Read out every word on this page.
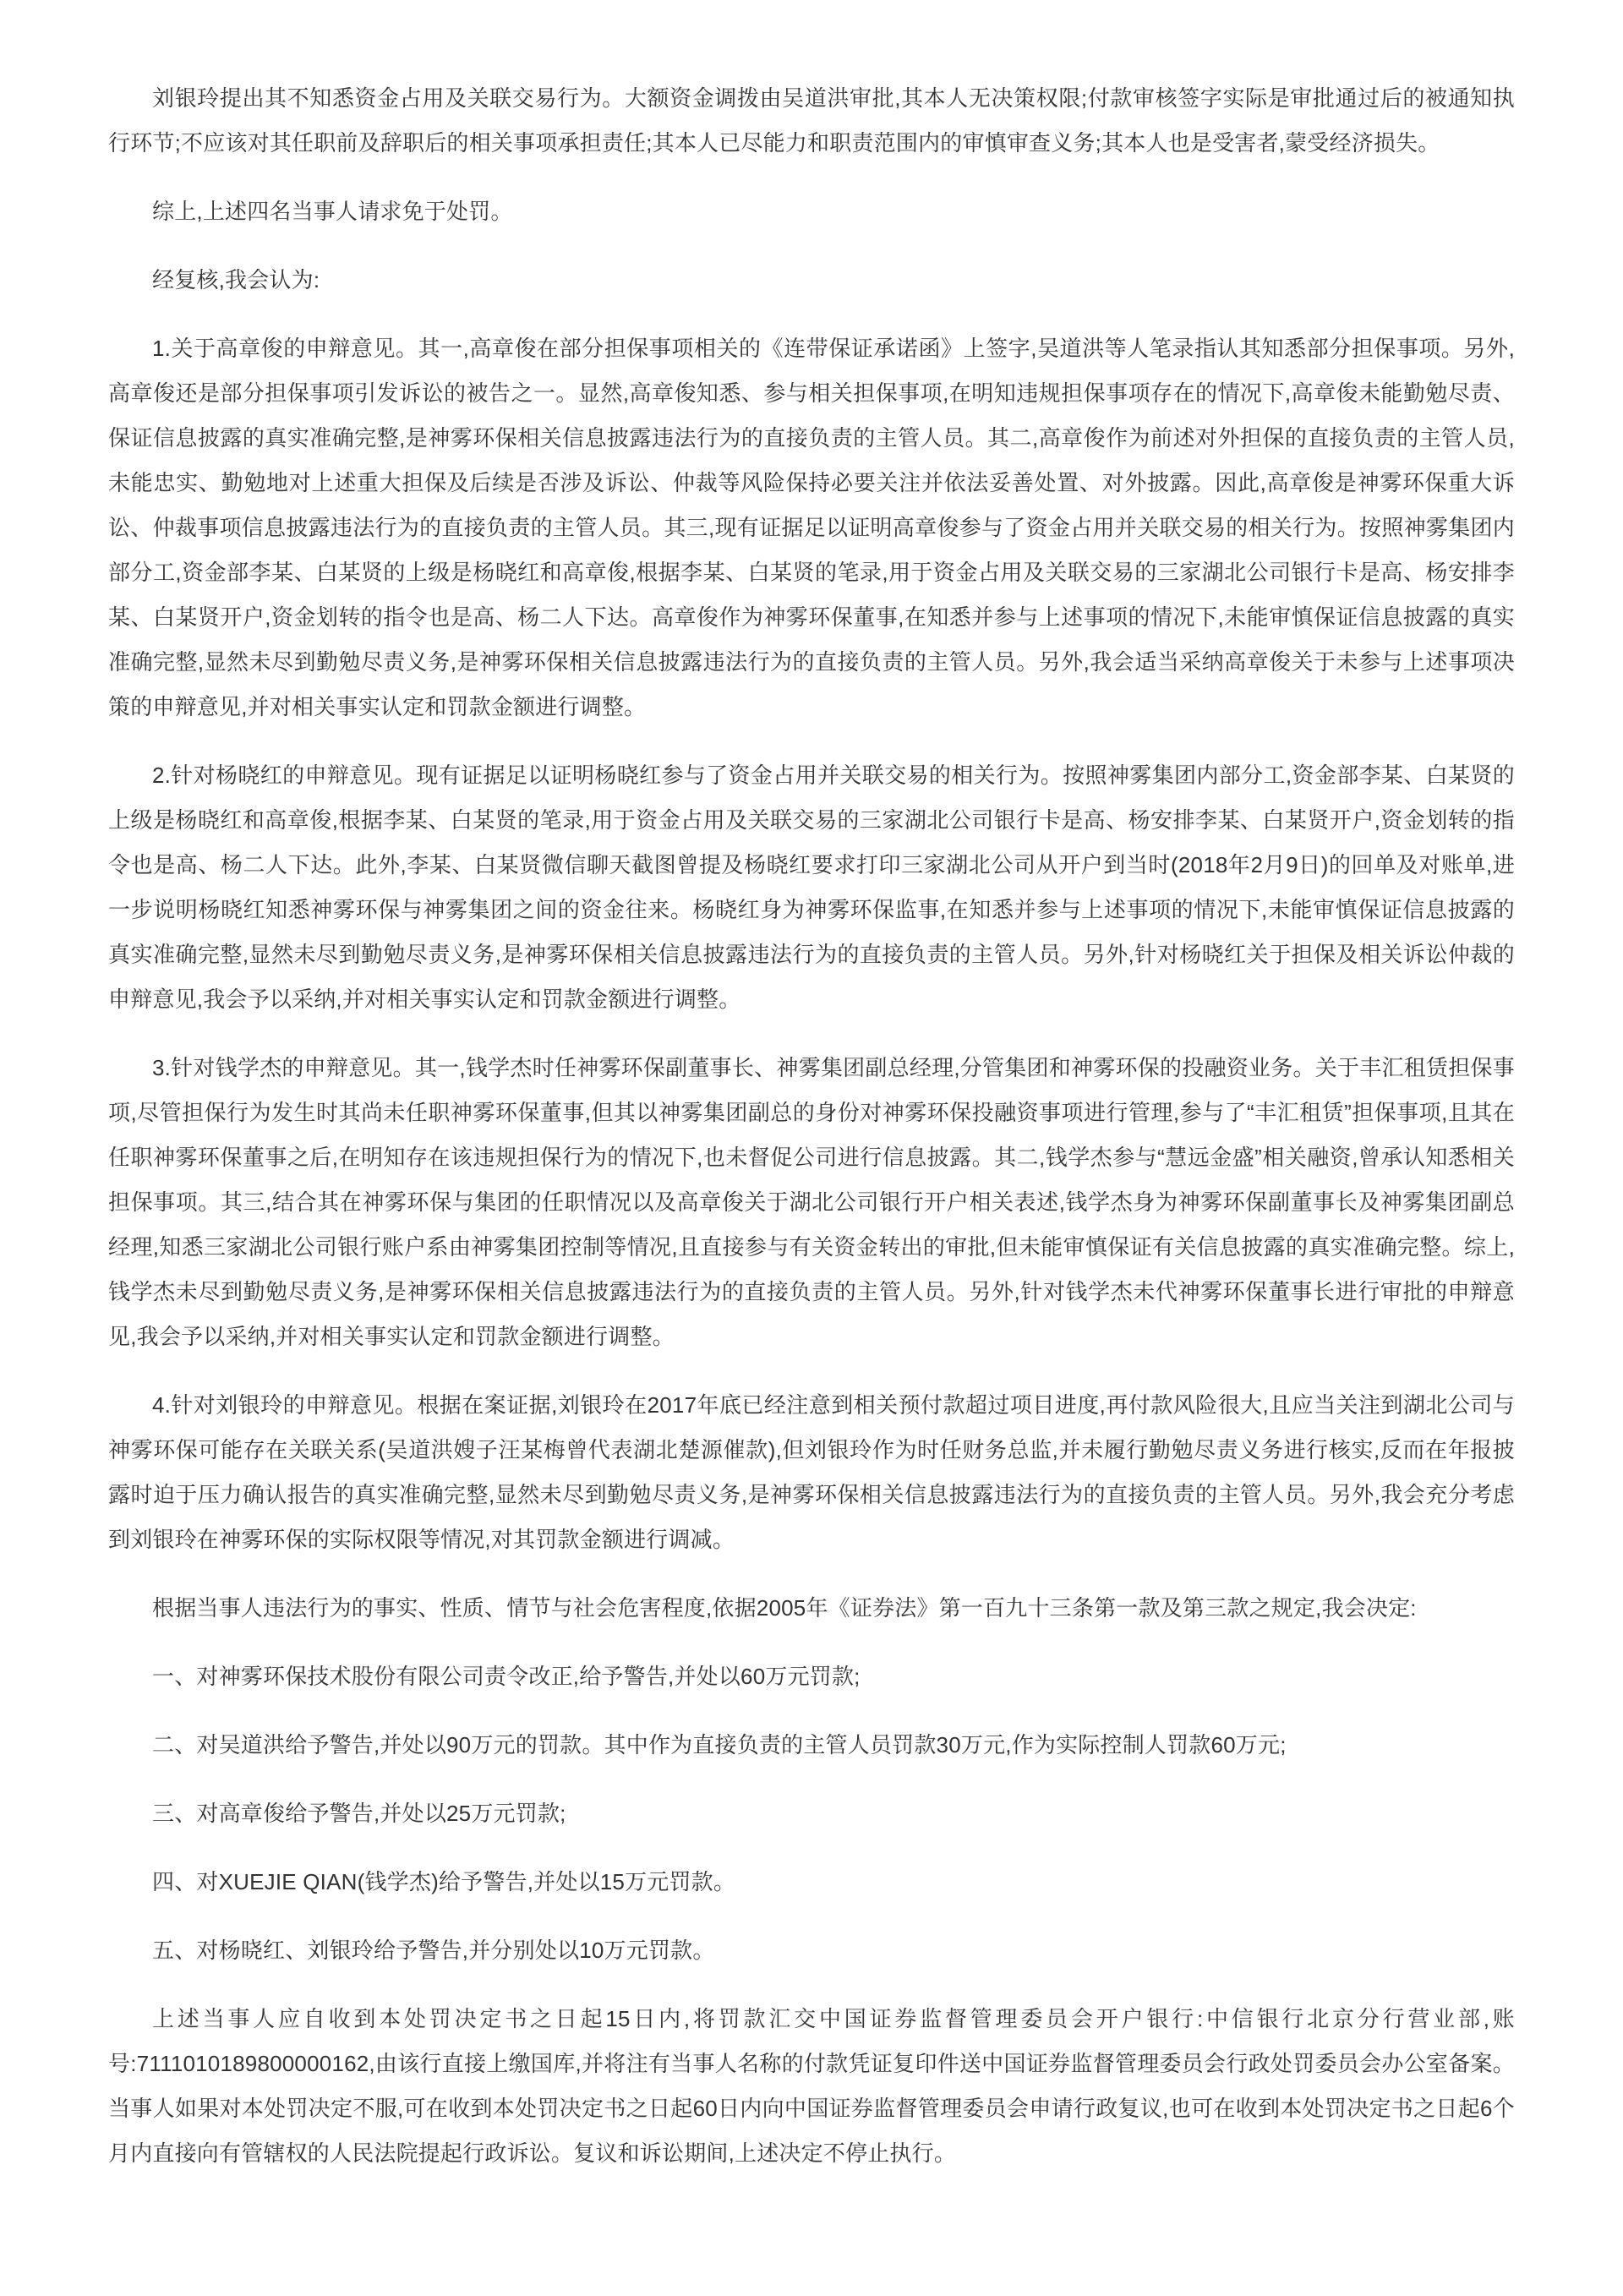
刘银玲提出其不知悉资金占用及关联交易行为。大额资金调拨由吴道洪审批,其本人无决策权限;付款审核签字实际是审批通过后的被通知执行环节;不应该对其任职前及辞职后的相关事项承担责任;其本人已尽能力和职责范围内的审慎审查义务;其本人也是受害者,蒙受经济损失。

综上,上述四名当事人请求免于处罚。

经复核,我会认为:

1.关于高章俊的申辩意见。其一,高章俊在部分担保事项相关的《连带保证承诺函》上签字,吴道洪等人笔录指认其知悉部分担保事项。另外,高章俊还是部分担保事项引发诉讼的被告之一。显然,高章俊知悉、参与相关担保事项,在明知违规担保事项存在的情况下,高章俊未能勤勉尽责、保证信息披露的真实准确完整,是神雾环保相关信息披露违法行为的直接负责的主管人员。其二,高章俊作为前述对外担保的直接负责的主管人员,未能忠实、勤勉地对上述重大担保及后续是否涉及诉讼、仲裁等风险保持必要关注并依法妥善处置、对外披露。因此,高章俊是神雾环保重大诉讼、仲裁事项信息披露违法行为的直接负责的主管人员。其三,现有证据足以证明高章俊参与了资金占用并关联交易的相关行为。按照神雾集团内部分工,资金部李某、白某贤的上级是杨晓红和高章俊,根据李某、白某贤的笔录,用于资金占用及关联交易的三家湖北公司银行卡是高、杨安排李某、白某贤开户,资金划转的指令也是高、杨二人下达。高章俊作为神雾环保董事,在知悉并参与上述事项的情况下,未能审慎保证信息披露的真实准确完整,显然未尽到勤勉尽责义务,是神雾环保相关信息披露违法行为的直接负责的主管人员。另外,我会适当采纳高章俊关于未参与上述事项决策的申辩意见,并对相关事实认定和罚款金额进行调整。

2.针对杨晓红的申辩意见。现有证据足以证明杨晓红参与了资金占用并关联交易的相关行为。按照神雾集团内部分工,资金部李某、白某贤的上级是杨晓红和高章俊,根据李某、白某贤的笔录,用于资金占用及关联交易的三家湖北公司银行卡是高、杨安排李某、白某贤开户,资金划转的指令也是高、杨二人下达。此外,李某、白某贤微信聊天截图曾提及杨晓红要求打印三家湖北公司从开户到当时(2018年2月9日)的回单及对账单,进一步说明杨晓红知悉神雾环保与神雾集团之间的资金往来。杨晓红身为神雾环保监事,在知悉并参与上述事项的情况下,未能审慎保证信息披露的真实准确完整,显然未尽到勤勉尽责义务,是神雾环保相关信息披露违法行为的直接负责的主管人员。另外,针对杨晓红关于担保及相关诉讼仲裁的申辩意见,我会予以采纳,并对相关事实认定和罚款金额进行调整。

3.针对钱学杰的申辩意见。其一,钱学杰时任神雾环保副董事长、神雾集团副总经理,分管集团和神雾环保的投融资业务。关于丰汇租赁担保事项,尽管担保行为发生时其尚未任职神雾环保董事,但其以神雾集团副总的身份对神雾环保投融资事项进行管理,参与了“丰汇租赁”担保事项,且其在任职神雾环保董事之后,在明知存在该违规担保行为的情况下,也未督促公司进行信息披露。其二,钱学杰参与“慧远金盛”相关融资,曾承认知悉相关担保事项。其三,结合其在神雾环保与集团的任职情况以及高章俊关于湖北公司银行开户相关表述,钱学杰身为神雾环保副董事长及神雾集团副总经理,知悉三家湖北公司银行账户系由神雾集团控制等情况,且直接参与有关资金转出的审批,但未能审慎保证有关信息披露的真实准确完整。综上,钱学杰未尽到勤勉尽责义务,是神雾环保相关信息披露违法行为的直接负责的主管人员。另外,针对钱学杰未代神雾环保董事长进行审批的申辩意见,我会予以采纳,并对相关事实认定和罚款金额进行调整。

4.针对刘银玲的申辩意见。根据在案证据,刘银玲在2017年底已经注意到相关预付款超过项目进度,再付款风险很大,且应当关注到湖北公司与神雾环保可能存在关联关系(吴道洪嫂子汪某梅曾代表湖北楚源催款),但刘银玲作为时任财务总监,并未履行勤勉尽责义务进行核实,反而在年报披露时迫于压力确认报告的真实准确完整,显然未尽到勤勉尽责义务,是神雾环保相关信息披露违法行为的直接负责的主管人员。另外,我会充分考虑到刘银玲在神雾环保的实际权限等情况,对其罚款金额进行调减。

根据当事人违法行为的事实、性质、情节与社会危害程度,依据2005年《证券法》第一百九十三条第一款及第三款之规定,我会决定:

一、对神雾环保技术股份有限公司责令改正,给予警告,并处以60万元罚款;

二、对吴道洪给予警告,并处以90万元的罚款。其中作为直接负责的主管人员罚款30万元,作为实际控制人罚款60万元;

三、对高章俊给予警告,并处以25万元罚款;

四、对XUEJIE QIAN(钱学杰)给予警告,并处以15万元罚款。

五、对杨晓红、刘银玲给予警告,并分别处以10万元罚款。

上述当事人应自收到本处罚决定书之日起15日内,将罚款汇交中国证券监督管理委员会开户银行:中信银行北京分行营业部,账号:7111010189800000162,由该行直接上缴国库,并将注有当事人名称的付款凭证复印件送中国证券监督管理委员会行政处罚委员会办公室备案。当事人如果对本处罚决定不服,可在收到本处罚决定书之日起60日内向中国证券监督管理委员会申请行政复议,也可在收到本处罚决定书之日起6个月内直接向有管辖权的人民法院提起行政诉讼。复议和诉讼期间,上述决定不停止执行。
